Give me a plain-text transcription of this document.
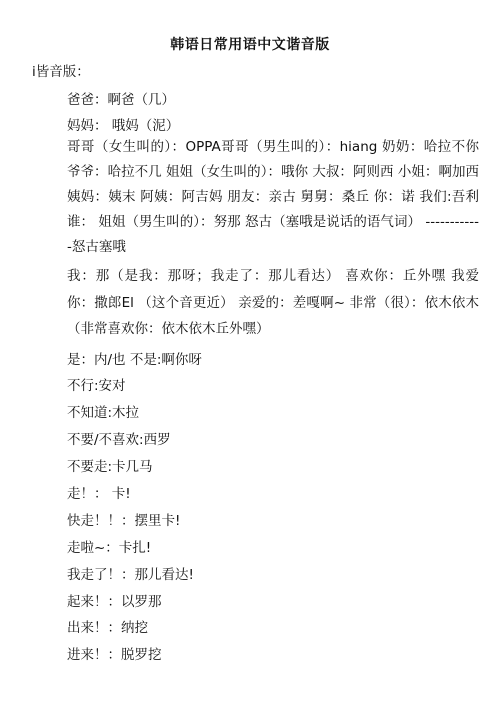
韩语日常用语中文谐音版
i皆音版：
爸爸：啊爸（几）
妈妈： 哦妈（泥）
哥哥（女生叫的）：OPPA哥哥（男生叫的）：hiang 奶奶：哈拉不你 爷爷：哈拉不几 姐姐（女生叫的）：哦你 大叔：阿则西 小姐：啊加西 姨妈：姨末 阿姨：阿吉妈 朋友：亲古 舅舅：桑丘 你：诺 我们:吾利 谁： 姐姐（男生叫的）：努那 怒古（塞哦是说话的语气词） ------------怒古塞哦
我：那（是我：那呀；我走了：那儿看达） 喜欢你：丘外嘿 我爱你：撒郎El （这个音更近） 亲爱的：差嘎啊~ 非常（很）：依木依木 （非常喜欢你：依木依木丘外嘿）
是：内/也 不是:啊你呀
不行:安对
不知道:木拉
不要/不喜欢:西罗
不要走:卡几马
走！： 卡!
快走！！：摆里卡!
走啦~：卡扎!
我走了！：那儿看达!
起来！：以罗那
出来！：纳挖
进来！：脱罗挖
